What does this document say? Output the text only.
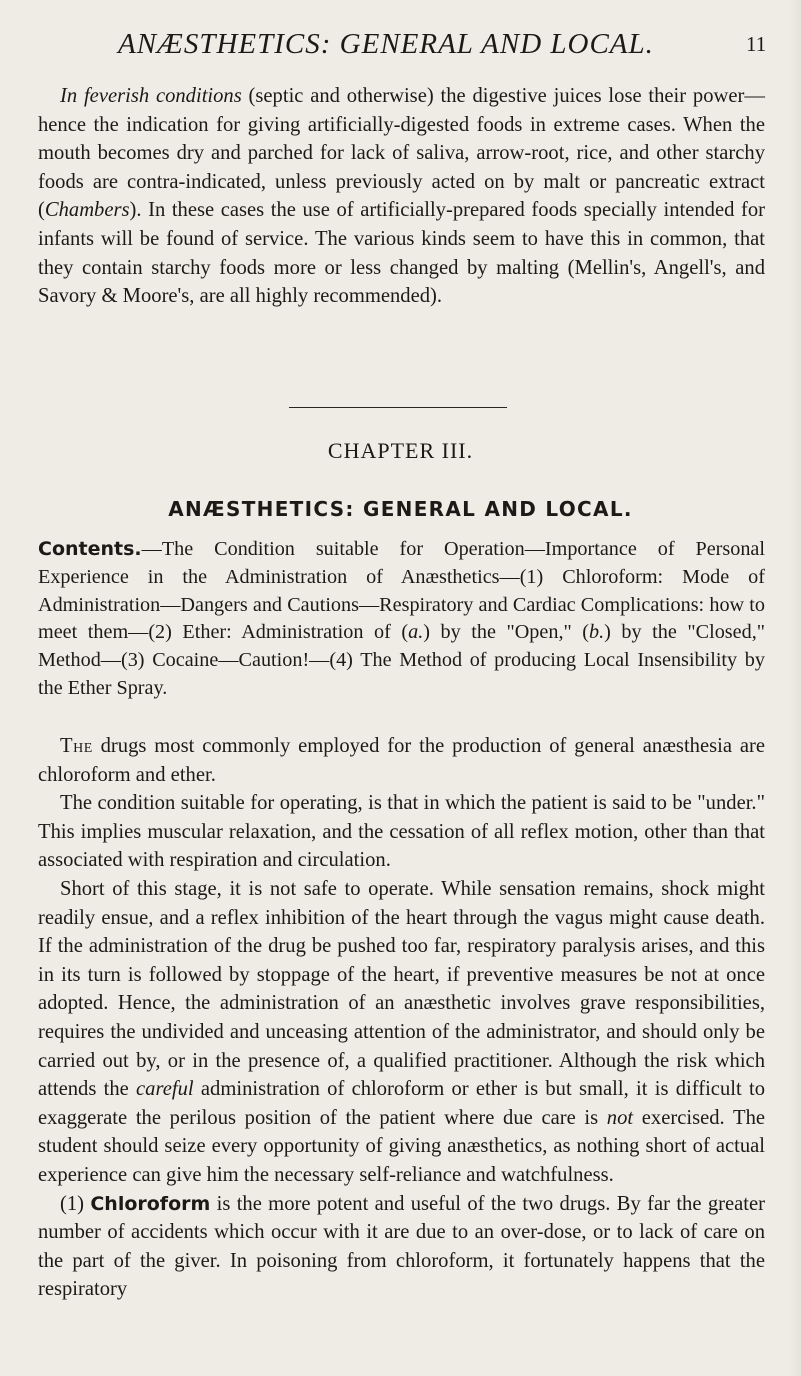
ANÆSTHETICS: GENERAL AND LOCAL.	11
In feverish conditions (septic and otherwise) the digestive juices lose their power—hence the indication for giving artificially-digested foods in extreme cases. When the mouth becomes dry and parched for lack of saliva, arrow-root, rice, and other starchy foods are contra-indicated, unless previously acted on by malt or pancreatic extract (Chambers). In these cases the use of artificially-prepared foods specially intended for infants will be found of service. The various kinds seem to have this in common, that they contain starchy foods more or less changed by malting (Mellin's, Angell's, and Savory & Moore's, are all highly recommended).
CHAPTER III.
ANÆSTHETICS: GENERAL AND LOCAL.
Contents.—The Condition suitable for Operation—Importance of Personal Experience in the Administration of Anæsthetics—(1) Chloroform: Mode of Administration—Dangers and Cautions—Respiratory and Cardiac Complications: how to meet them—(2) Ether: Administration of (a.) by the "Open," (b.) by the "Closed," Method—(3) Cocaine—Caution!—(4) The Method of producing Local Insensibility by the Ether Spray.

The drugs most commonly employed for the production of general anæsthesia are chloroform and ether.

The condition suitable for operating, is that in which the patient is said to be "under." This implies muscular relaxation, and the cessation of all reflex motion, other than that associated with respiration and circulation.

Short of this stage, it is not safe to operate. While sensation remains, shock might readily ensue, and a reflex inhibition of the heart through the vagus might cause death. If the administration of the drug be pushed too far, respiratory paralysis arises, and this in its turn is followed by stoppage of the heart, if preventive measures be not at once adopted. Hence, the administration of an anæsthetic involves grave responsibilities, requires the undivided and unceasing attention of the administrator, and should only be carried out by, or in the presence of, a qualified practitioner. Although the risk which attends the careful administration of chloroform or ether is but small, it is difficult to exaggerate the perilous position of the patient where due care is not exercised. The student should seize every opportunity of giving anæsthetics, as nothing short of actual experience can give him the necessary self-reliance and watchfulness.

(1) Chloroform is the more potent and useful of the two drugs. By far the greater number of accidents which occur with it are due to an over-dose, or to lack of care on the part of the giver. In poisoning from chloroform, it fortunately happens that the respiratory
